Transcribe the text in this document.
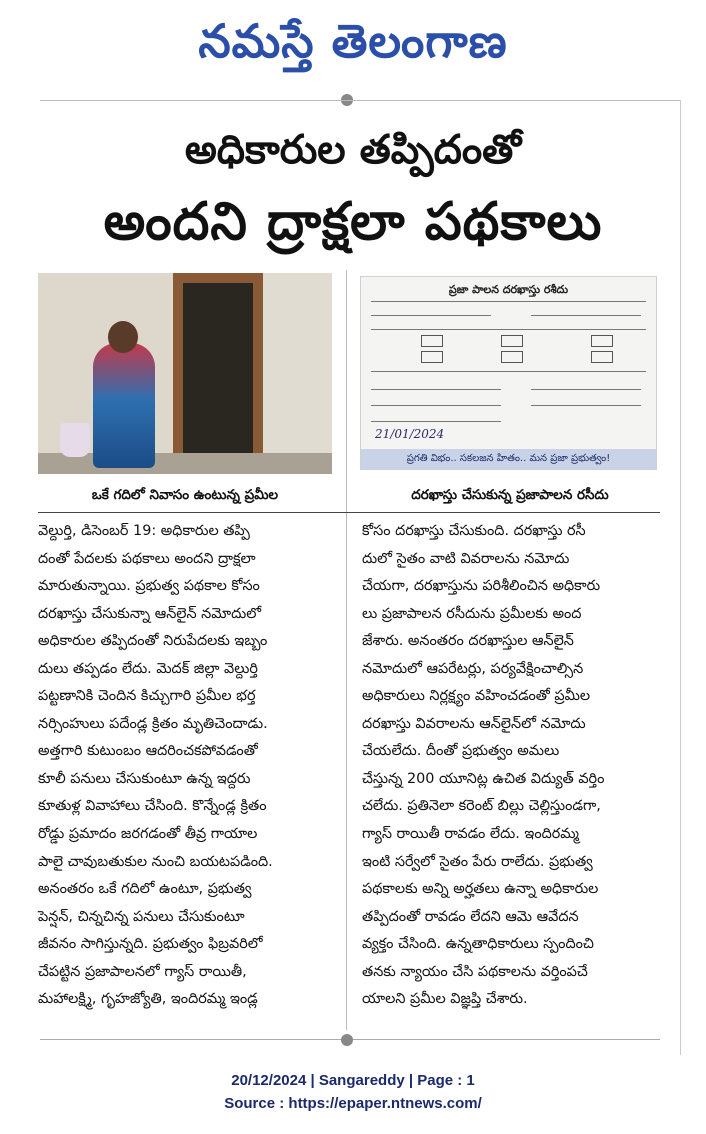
నమస్తే తెలంగాణ
అధికారుల తప్పిదంతో
అందని ద్రాక్షలా పథకాలు
ప్రజా పాలన దరఖాస్తు రశీదు
21/01/2024
ప్రగతి విభం.. సకలజన హితం.. మన ప్రజా ప్రభుత్వం!
ఒకే గదిలో నివాసం ఉంటున్న ప్రమీల	దరఖాస్తు చేసుకున్న ప్రజాపాలన రసీదు
వెల్దుర్తి, డిసెంబర్ 19: అధికారుల తప్పి
దంతో పేదలకు పథకాలు అందని ద్రాక్షలా
మారుతున్నాయి. ప్రభుత్వ పథకాల కోసం
దరఖాస్తు చేసుకున్నా ఆన్‌లైన్ నమోదులో
అధికారుల తప్పిదంతో నిరుపేదలకు ఇబ్బం
దులు తప్పడం లేదు. మెదక్ జిల్లా వెల్దుర్తి
పట్టణానికి చెందిన కిచ్చుగారి ప్రమీల భర్త
నర్సింహులు పదేండ్ల క్రితం మృతిచెందాడు.
అత్తగారి కుటుంబం ఆదరించకపోవడంతో
కూలీ పనులు చేసుకుంటూ ఉన్న ఇద్దరు
కూతుళ్ల వివాహాలు చేసింది. కొన్నేండ్ల క్రితం
రోడ్డు ప్రమాదం జరగడంతో తీవ్ర గాయాల
పాలై చావుబతుకుల నుంచి బయటపడింది.
అనంతరం ఒకే గదిలో ఉంటూ, ప్రభుత్వ
పెన్షన్, చిన్నచిన్న పనులు చేసుకుంటూ
జీవనం సాగిస్తున్నది. ప్రభుత్వం ఫిబ్రవరిలో
చేపట్టిన ప్రజాపాలనలో గ్యాస్ రాయితీ,
మహాలక్ష్మి, గృహజ్యోతి, ఇందిరమ్మ ఇండ్ల
కోసం దరఖాస్తు చేసుకుంది. దరఖాస్తు రసీ
దులో సైతం వాటి వివరాలను నమోదు
చేయగా, దరఖాస్తును పరిశీలించిన అధికారు
లు ప్రజాపాలన రసీదును ప్రమీలకు అంద
జేశారు. అనంతరం దరఖాస్తుల ఆన్‌లైన్
నమోదులో ఆపరేటర్లు, పర్యవేక్షించాల్సిన
అధికారులు నిర్లక్ష్యం వహించడంతో ప్రమీల
దరఖాస్తు వివరాలను ఆన్‌లైన్‌లో నమోదు
చేయలేదు. దీంతో ప్రభుత్వం అమలు
చేస్తున్న 200 యూనిట్ల ఉచిత విద్యుత్ వర్తిం
చలేదు. ప్రతినెలా కరెంట్ బిల్లు చెల్లిస్తుండగా,
గ్యాస్ రాయితీ రావడం లేదు. ఇందిరమ్మ
ఇంటి సర్వేలో సైతం పేరు రాలేదు. ప్రభుత్వ
పథకాలకు అన్ని అర్హతలు ఉన్నా అధికారుల
తప్పిదంతో రావడం లేదని ఆమె ఆవేదన
వ్యక్తం చేసింది. ఉన్నతాధికారులు స్పందించి
తనకు న్యాయం చేసి పథకాలను వర్తింపచే
యాలని ప్రమీల విజ్ఞప్తి చేశారు.
20/12/2024 | Sangareddy | Page : 1
Source : https://epaper.ntnews.com/
